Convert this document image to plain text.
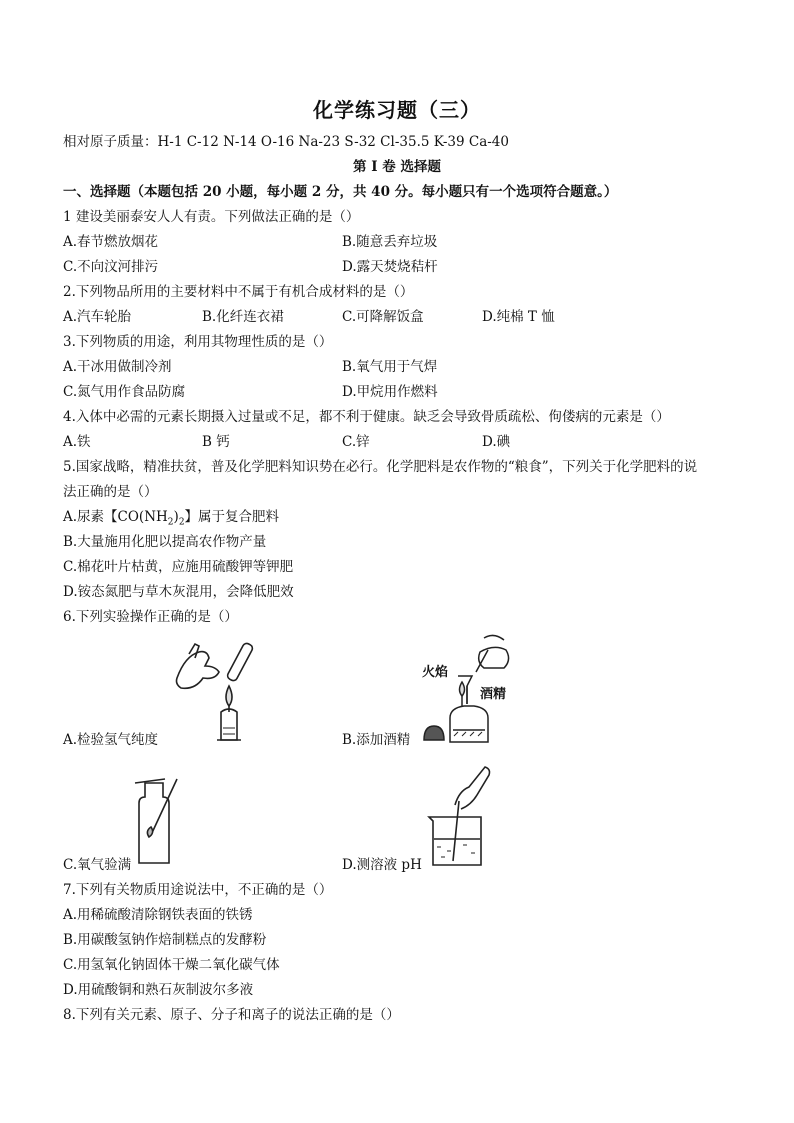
化学练习题（三）
相对原子质量：H-1 C-12 N-14 O-16 Na-23 S-32 Cl-35.5 K-39 Ca-40
第 I 卷 选择题
一、选择题（本题包括 20 小题，每小题 2 分，共 40 分。每小题只有一个选项符合题意。）
1 建设美丽泰安人人有责。下列做法正确的是（）
A.春节燃放烟花	B.随意丢弃垃圾
C.不向汶河排污	D.露天焚烧秸杆
2.下列物品所用的主要材料中不属于有机合成材料的是（）
A.汽车轮胎	B.化纤连衣裙	C.可降解饭盒	D.纯棉 T 恤
3.下列物质的用途，利用其物理性质的是（）
A.干冰用做制冷剂	B.氧气用于气焊
C.氮气用作食品防腐	D.甲烷用作燃料
4.入体中必需的元素长期摄入过量或不足，都不利于健康。缺乏会导致骨质疏松、佝偻病的元素是（）
A.铁	B 钙	C.锌	D.碘
5.国家战略，精准扶贫，普及化学肥料知识势在必行。化学肥料是农作物的“粮食”，下列关于化学肥料的说
法正确的是（）
A.尿素【$CO(NH_2)_2$】属于复合肥料
B.大量施用化肥以提高农作物产量
C.棉花叶片枯黄，应施用硫酸钾等钾肥
D.铵态氮肥与草木灰混用，会降低肥效
6.下列实验操作正确的是（）
A.检验氢气纯度
火焰
酒精
B.添加酒精
C.氧气验满	D.测溶液 pH
7.下列有关物质用途说法中，不正确的是（）
A.用稀硫酸清除钢铁表面的铁锈
B.用碳酸氢钠作焙制糕点的发酵粉
C.用氢氧化钠固体干燥二氧化碳气体
D.用硫酸铜和熟石灰制波尔多液
8.下列有关元素、原子、分子和离子的说法正确的是（）
